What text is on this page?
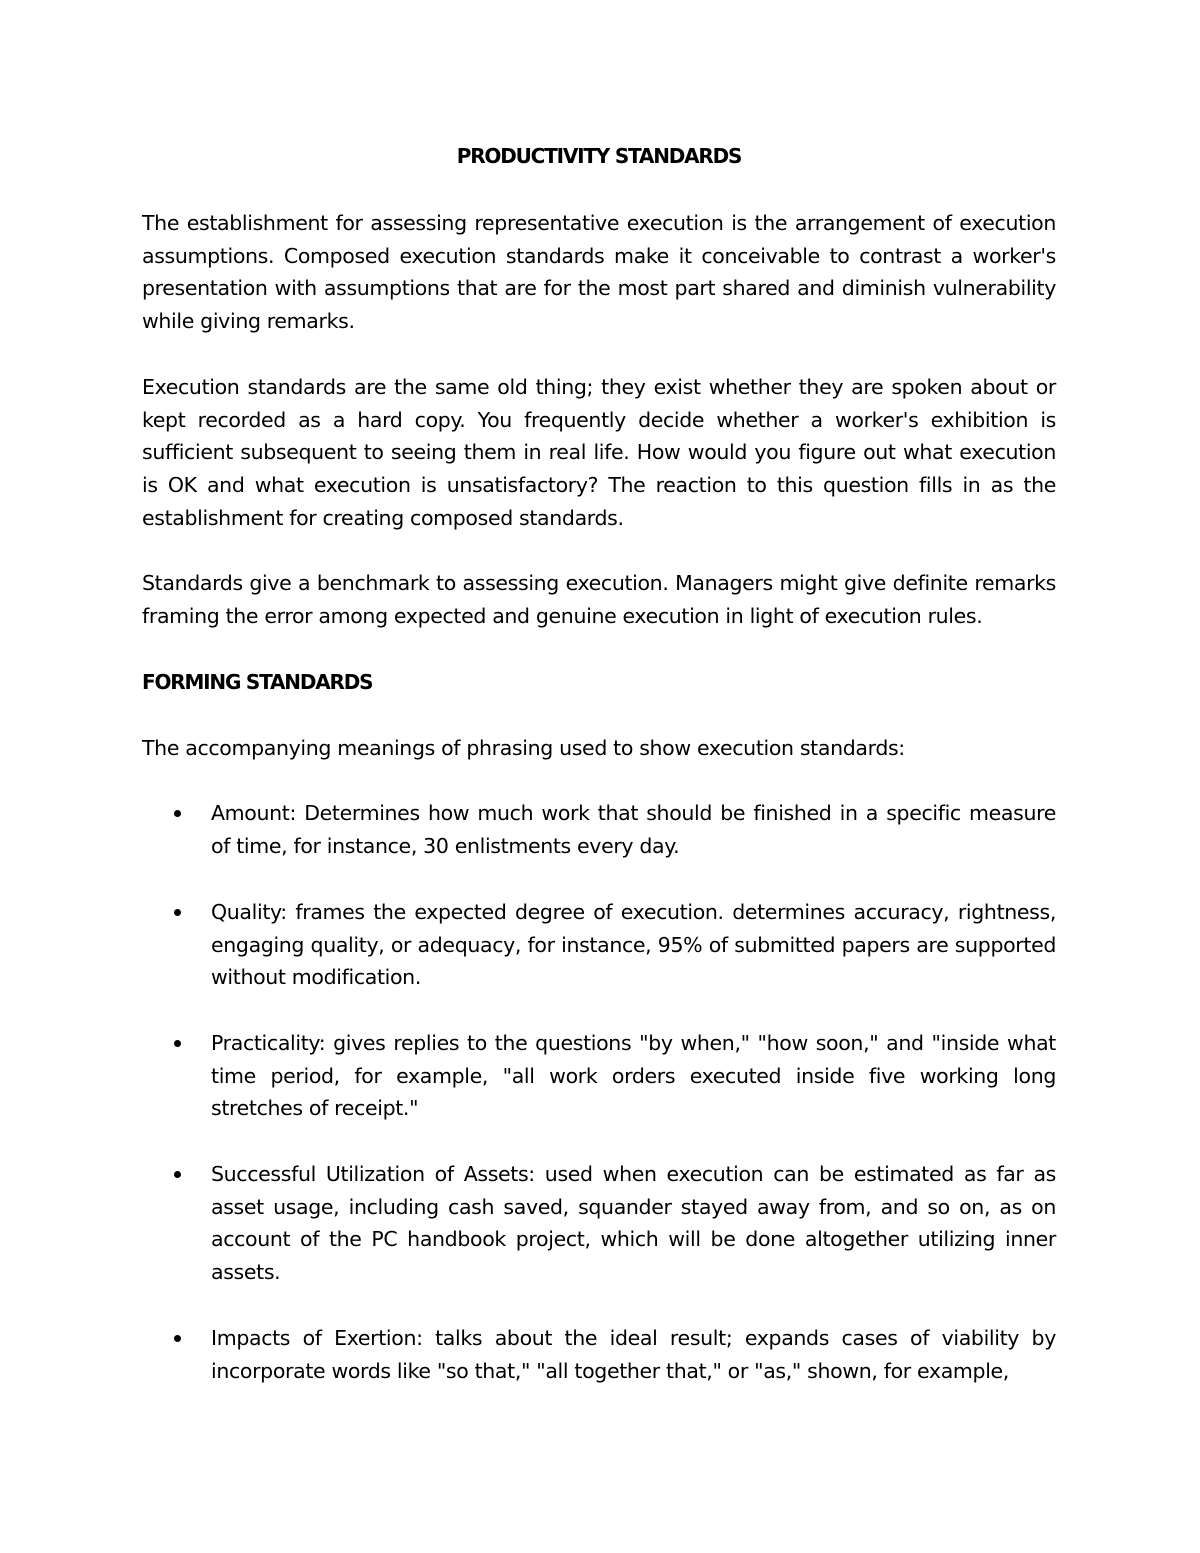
PRODUCTIVITY STANDARDS

The establishment for assessing representative execution is the arrangement of execution assumptions. Composed execution standards make it conceivable to contrast a worker's presentation with assumptions that are for the most part shared and diminish vulnerability while giving remarks.

Execution standards are the same old thing; they exist whether they are spoken about or kept recorded as a hard copy. You frequently decide whether a worker's exhibition is sufficient subsequent to seeing them in real life. How would you figure out what execution is OK and what execution is unsatisfactory? The reaction to this question fills in as the establishment for creating composed standards.

Standards give a benchmark to assessing execution. Managers might give definite remarks framing the error among expected and genuine execution in light of execution rules.

FORMING STANDARDS

The accompanying meanings of phrasing used to show execution standards:

Amount: Determines how much work that should be finished in a specific measure of time, for instance, 30 enlistments every day.
Quality: frames the expected degree of execution. determines accuracy, rightness, engaging quality, or adequacy, for instance, 95% of submitted papers are supported without modification.
Practicality: gives replies to the questions "by when," "how soon," and "inside what time period, for example, "all work orders executed inside five working long stretches of receipt."
Successful Utilization of Assets: used when execution can be estimated as far as asset usage, including cash saved, squander stayed away from, and so on, as on account of the PC handbook project, which will be done altogether utilizing inner assets.
Impacts of Exertion: talks about the ideal result; expands cases of viability by incorporate words like "so that," "all together that," or "as," shown, for example,
